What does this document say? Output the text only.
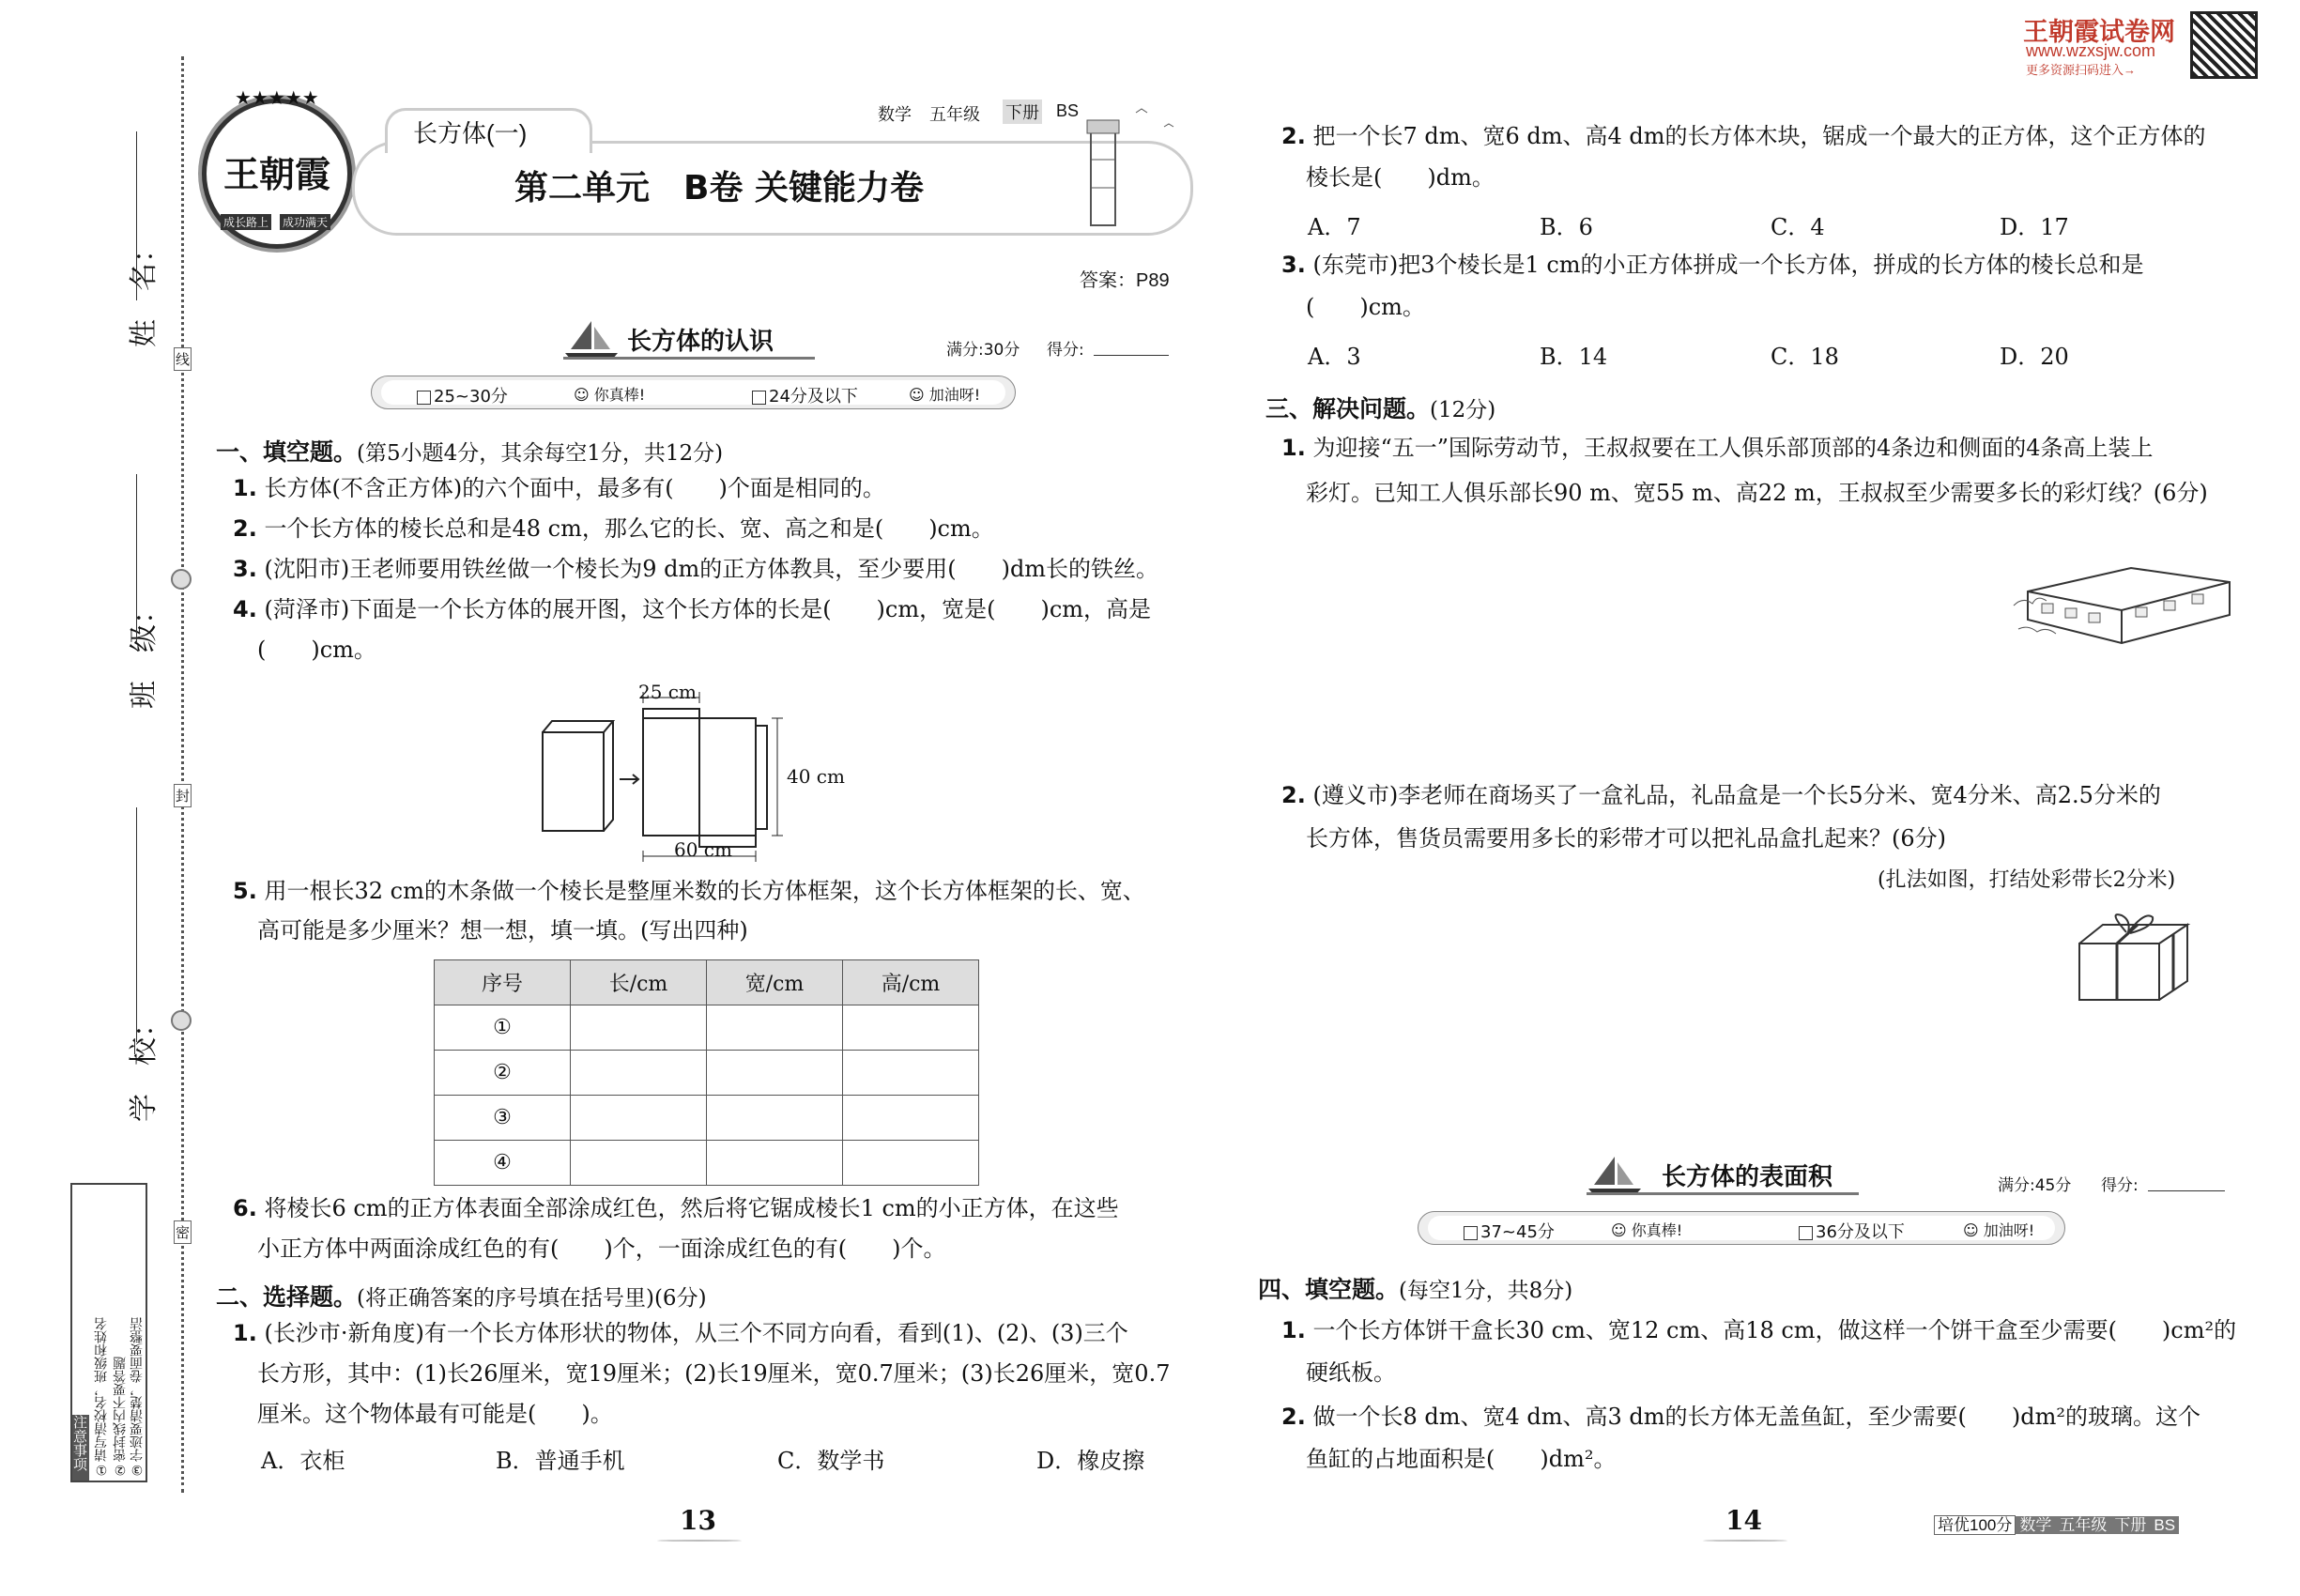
姓　名：
班　级：
学　校：
线
封
密
注意事项 ①请写清校名，班级和姓名 ②密封线内不要答题 ③字迹要清楚，卷面要整洁
王朝霞
成长路上 成功满天
★★★★★
长方体(一)
数学 五年级 下册 BS
第二单元　B卷 关键能力卷
答案：P89
王朝霞试卷网
www.wzxsjw.com
更多资源扫码进入→
长方体的认识	满分:30分 得分:
25~30分	☺ 你真棒!	24分及以下	☺ 加油呀!
一、填空题。(第5小题4分，其余每空1分，共12分)
1. 长方体(不含正方体)的六个面中，最多有(　　)个面是相同的。
2. 一个长方体的棱长总和是48 cm，那么它的长、宽、高之和是(　　)cm。
3. (沈阳市)王老师要用铁丝做一个棱长为9 dm的正方体教具，至少要用(　　)dm长的铁丝。
4. (菏泽市)下面是一个长方体的展开图，这个长方体的长是(　　)cm，宽是(　　)cm，高是
(　　)cm。
25 cm
40 cm
60 cm
5. 用一根长32 cm的木条做一个棱长是整厘米数的长方体框架，这个长方体框架的长、宽、
高可能是多少厘米？想一想，填一填。(写出四种)
序号	长/cm	宽/cm	高/cm
①			
②			
③			
④			
6. 将棱长6 cm的正方体表面全部涂成红色，然后将它锯成棱长1 cm的小正方体，在这些
小正方体中两面涂成红色的有(　　)个，一面涂成红色的有(　　)个。
二、选择题。(将正确答案的序号填在括号里)(6分)
1. (长沙市·新角度)有一个长方体形状的物体，从三个不同方向看，看到(1)、(2)、(3)三个
长方形，其中：(1)长26厘米，宽19厘米；(2)长19厘米，宽0.7厘米；(3)长26厘米，宽0.7
厘米。这个物体最有可能是(　　)。
A．衣柜	B．普通手机	C．数学书	D．橡皮擦
13
2. 把一个长7 dm、宽6 dm、高4 dm的长方体木块，锯成一个最大的正方体，这个正方体的
棱长是(　　)dm。
A．7	B．6	C．4	D．17
3. (东莞市)把3个棱长是1 cm的小正方体拼成一个长方体，拼成的长方体的棱长总和是
(　　)cm。
A．3	B．14	C．18	D．20
三、解决问题。(12分)
1. 为迎接“五一”国际劳动节，王叔叔要在工人俱乐部顶部的4条边和侧面的4条高上装上
彩灯。已知工人俱乐部长90 m、宽55 m、高22 m，王叔叔至少需要多长的彩灯线？(6分)
2. (遵义市)李老师在商场买了一盒礼品，礼品盒是一个长5分米、宽4分米、高2.5分米的
长方体，售货员需要用多长的彩带才可以把礼品盒扎起来？(6分)
(扎法如图，打结处彩带长2分米)
长方体的表面积	满分:45分 得分:
37~45分	☺ 你真棒!	36分及以下	☺ 加油呀!
四、填空题。(每空1分，共8分)
1. 一个长方体饼干盒长30 cm、宽12 cm、高18 cm，做这样一个饼干盒至少需要(　　)cm²的
硬纸板。
2. 做一个长8 dm、宽4 dm、高3 dm的长方体无盖鱼缸，至少需要(　　)dm²的玻璃。这个
鱼缸的占地面积是(　　)dm²。
14	培优100分 数学 五年级 下册 BS
